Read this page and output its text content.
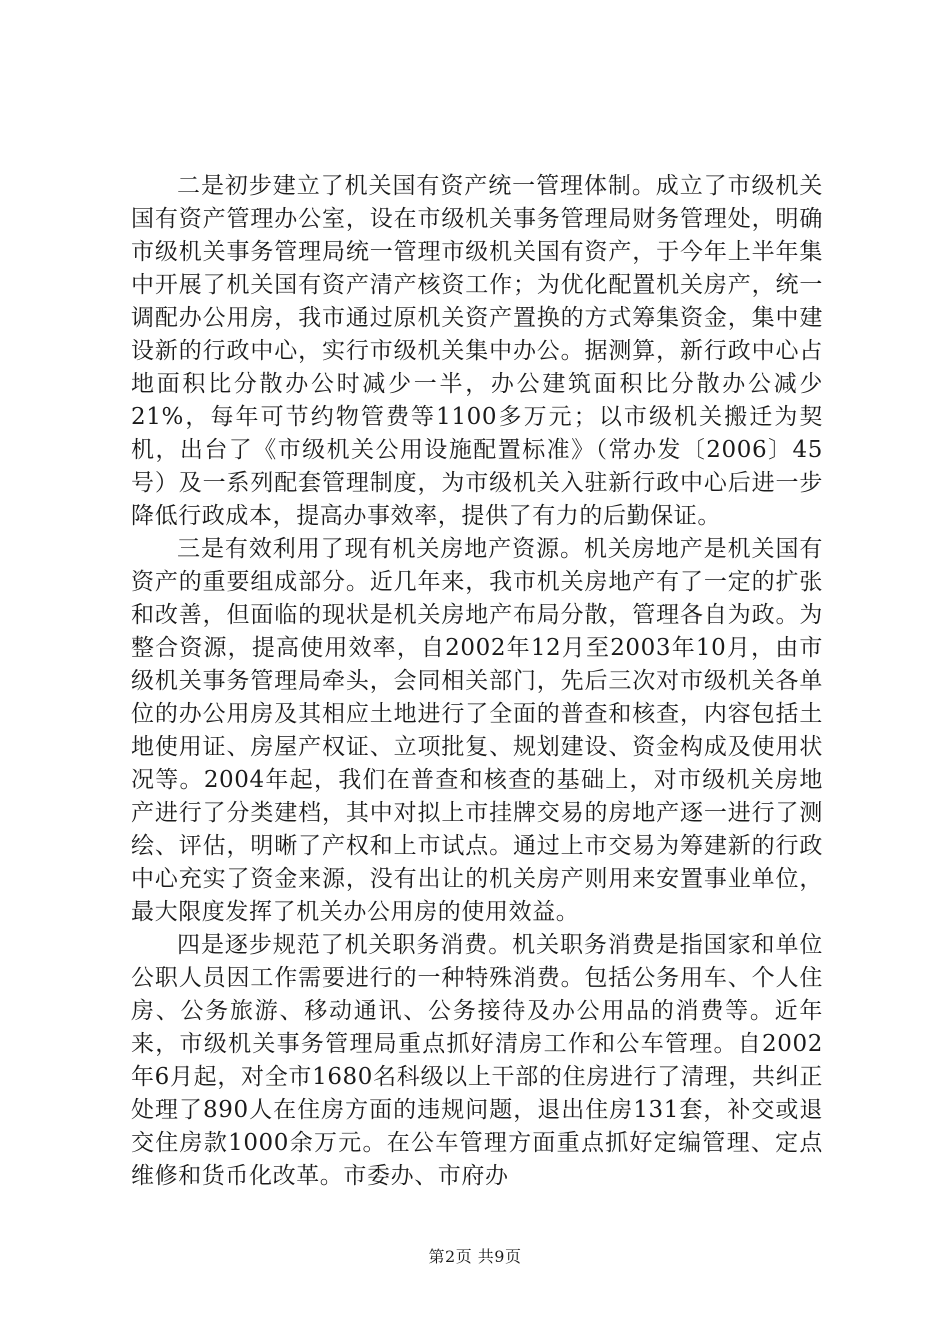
二是初步建立了机关国有资产统一管理体制。成立了市级机关国有资产管理办公室，设在市级机关事务管理局财务管理处，明确市级机关事务管理局统一管理市级机关国有资产，于今年上半年集中开展了机关国有资产清产核资工作；为优化配置机关房产，统一调配办公用房，我市通过原机关资产置换的方式筹集资金，集中建设新的行政中心，实行市级机关集中办公。据测算，新行政中心占地面积比分散办公时减少一半，办公建筑面积比分散办公减少21%，每年可节约物管费等1100多万元；以市级机关搬迁为契机，出台了《市级机关公用设施配置标准》（常办发〔2006〕45号）及一系列配套管理制度，为市级机关入驻新行政中心后进一步降低行政成本，提高办事效率，提供了有力的后勤保证。

三是有效利用了现有机关房地产资源。机关房地产是机关国有资产的重要组成部分。近几年来，我市机关房地产有了一定的扩张和改善，但面临的现状是机关房地产布局分散，管理各自为政。为整合资源，提高使用效率，自2002年12月至2003年10月，由市级机关事务管理局牵头，会同相关部门，先后三次对市级机关各单位的办公用房及其相应土地进行了全面的普查和核查，内容包括土地使用证、房屋产权证、立项批复、规划建设、资金构成及使用状况等。2004年起，我们在普查和核查的基础上，对市级机关房地产进行了分类建档，其中对拟上市挂牌交易的房地产逐一进行了测绘、评估，明晰了产权和上市试点。通过上市交易为筹建新的行政中心充实了资金来源，没有出让的机关房产则用来安置事业单位，最大限度发挥了机关办公用房的使用效益。

四是逐步规范了机关职务消费。机关职务消费是指国家和单位公职人员因工作需要进行的一种特殊消费。包括公务用车、个人住房、公务旅游、移动通讯、公务接待及办公用品的消费等。近年来，市级机关事务管理局重点抓好清房工作和公车管理。自2002年6月起，对全市1680名科级以上干部的住房进行了清理，共纠正处理了890人在住房方面的违规问题，退出住房131套，补交或退交住房款1000余万元。在公车管理方面重点抓好定编管理、定点维修和货币化改革。市委办、市府办

第2页 共9页
